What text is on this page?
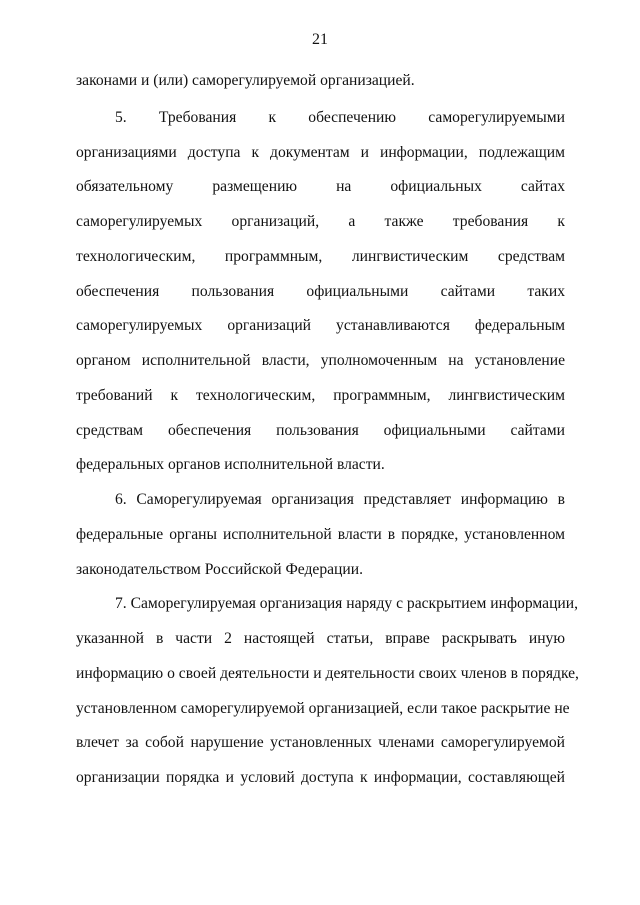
21
законами и (или) саморегулируемой организацией.
5. Требования к обеспечению саморегулируемыми
организациями доступа к документам и информации, подлежащим
обязательному размещению на официальных сайтах
саморегулируемых организаций, а также требования к
технологическим, программным, лингвистическим средствам
обеспечения пользования официальными сайтами таких
саморегулируемых организаций устанавливаются федеральным
органом исполнительной власти, уполномоченным на установление
требований к технологическим, программным, лингвистическим
средствам обеспечения пользования официальными сайтами
федеральных органов исполнительной власти.
6. Саморегулируемая организация представляет информацию в
федеральные органы исполнительной власти в порядке, установленном
законодательством Российской Федерации.
7. Саморегулируемая организация наряду с раскрытием информации,
указанной в части 2 настоящей статьи, вправе раскрывать иную
информацию о своей деятельности и деятельности своих членов в порядке,
установленном саморегулируемой организацией, если такое раскрытие не
влечет за собой нарушение установленных членами саморегулируемой
организации порядка и условий доступа к информации, составляющей
